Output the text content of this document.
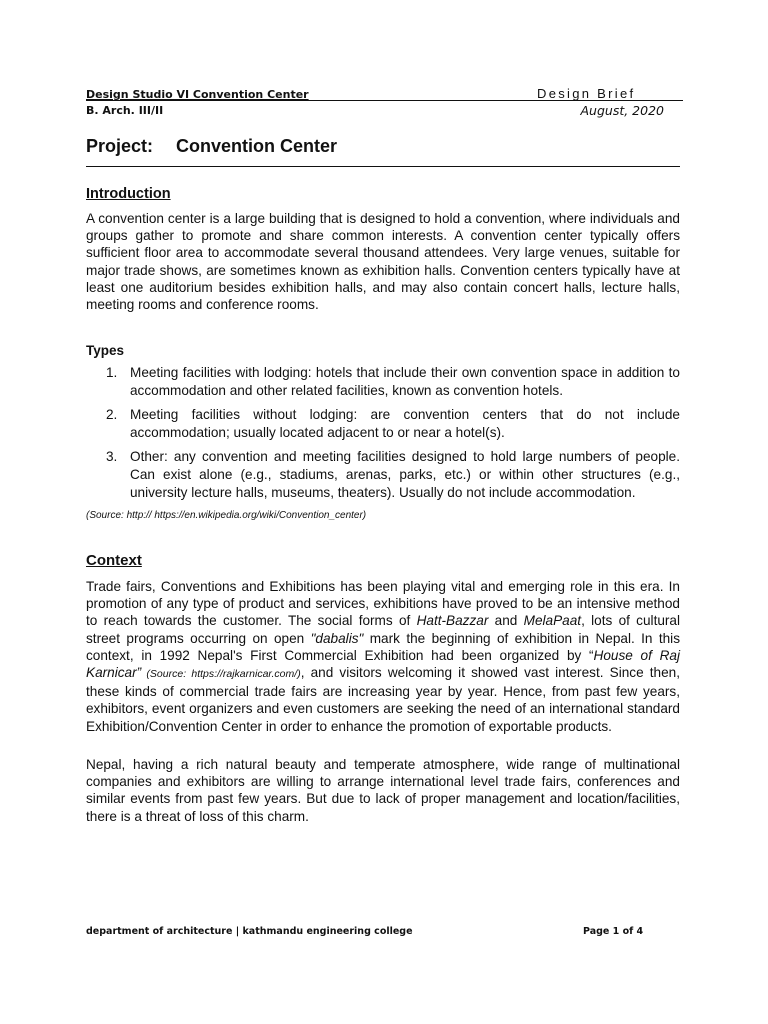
Design Studio VI Convention Center	Design Brief
B. Arch. III/II	August, 2020
Project: Convention Center
Introduction
A convention center is a large building that is designed to hold a convention, where individuals and groups gather to promote and share common interests. A convention center typically offers sufficient floor area to accommodate several thousand attendees. Very large venues, suitable for major trade shows, are sometimes known as exhibition halls. Convention centers typically have at least one auditorium besides exhibition halls, and may also contain concert halls, lecture halls, meeting rooms and conference rooms.
Types
1. Meeting facilities with lodging: hotels that include their own convention space in addition to accommodation and other related facilities, known as convention hotels.
2. Meeting facilities without lodging: are convention centers that do not include accommodation; usually located adjacent to or near a hotel(s).
3. Other: any convention and meeting facilities designed to hold large numbers of people. Can exist alone (e.g., stadiums, arenas, parks, etc.) or within other structures (e.g., university lecture halls, museums, theaters). Usually do not include accommodation.
(Source: http:// https://en.wikipedia.org/wiki/Convention_center)
Context
Trade fairs, Conventions and Exhibitions has been playing vital and emerging role in this era. In promotion of any type of product and services, exhibitions have proved to be an intensive method to reach towards the customer. The social forms of Hatt-Bazzar and MelaPaat, lots of cultural street programs occurring on open "dabalis" mark the beginning of exhibition in Nepal. In this context, in 1992 Nepal's First Commercial Exhibition had been organized by “House of Raj Karnicar” (Source: https://rajkarnicar.com/), and visitors welcoming it showed vast interest. Since then, these kinds of commercial trade fairs are increasing year by year. Hence, from past few years, exhibitors, event organizers and even customers are seeking the need of an international standard Exhibition/Convention Center in order to enhance the promotion of exportable products.
Nepal, having a rich natural beauty and temperate atmosphere, wide range of multinational companies and exhibitors are willing to arrange international level trade fairs, conferences and similar events from past few years. But due to lack of proper management and location/facilities, there is a threat of loss of this charm.
department of architecture | kathmandu engineering college	Page 1 of 4
